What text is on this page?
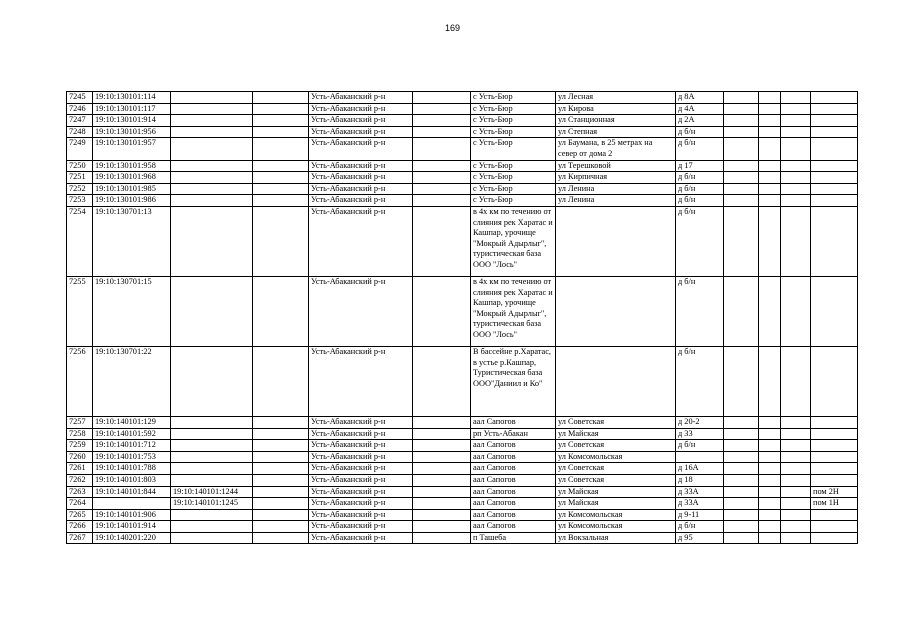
169
7245	19:10:130101:114			Усть-Абаканский р-н		с Усть-Бюр	ул Лесная	д 8А				
7246	19:10:130101:117			Усть-Абаканский р-н		с Усть-Бюр	ул Кирова	д 4А				
7247	19:10:130101:914			Усть-Абаканский р-н		с Усть-Бюр	ул Станционная	д 2А				
7248	19:10:130101:956			Усть-Абаканский р-н		с Усть-Бюр	ул Степная	д б/н				
7249	19:10:130101:957			Усть-Абаканский р-н		с Усть-Бюр	ул Баумана, в 25 метрах на север от дома 2	д б/н				
7250	19:10:130101:958			Усть-Абаканский р-н		с Усть-Бюр	ул Терешковой	д 17				
7251	19:10:130101:968			Усть-Абаканский р-н		с Усть-Бюр	ул Кирпичная	д б/н				
7252	19:10:130101:985			Усть-Абаканский р-н		с Усть-Бюр	ул Ленина	д б/н				
7253	19:10:130101:986			Усть-Абаканский р-н		с Усть-Бюр	ул Ленина	д б/н				
7254	19:10:130701:13			Усть-Абаканский р-н		в 4х км по течению от слияния рек Харатас и Кашпар, урочище "Мокрый Адырлыг", туристическая база ООО "Лось"		д б/н				
7255	19:10:130701:15			Усть-Абаканский р-н		в 4х км по течению от слияния рек Харатас и Кашпар, урочище "Мокрый Адырлыг", туристическая база ООО "Лось"		д б/н				
7256	19:10:130701:22			Усть-Абаканский р-н		В бассейне р.Харатас, в устье р.Кашпар, Туристическая база ООО"Даниил и Ко"		д б/н				
7257	19:10:140101:129			Усть-Абаканский р-н		аал Сапогов	ул Советская	д 20-2				
7258	19:10:140101:592			Усть-Абаканский р-н		рп Усть-Абакан	ул Майская	д 33				
7259	19:10:140101:712			Усть-Абаканский р-н		аал Сапогов	ул Советская	д б/н				
7260	19:10:140101:753			Усть-Абаканский р-н		аал Сапогов	ул Комсомольская					
7261	19:10:140101:788			Усть-Абаканский р-н		аал Сапогов	ул Советская	д 16А				
7262	19:10:140101:803			Усть-Абаканский р-н		аал Сапогов	ул Советская	д 18				
7263	19:10:140101:844	19:10:140101:1244		Усть-Абаканский р-н		аал Сапогов	ул Майская	д 33А				пом 2Н
7264		19:10:140101:1245		Усть-Абаканский р-н		аал Сапогов	ул Майская	д 33А				пом 1Н
7265	19:10:140101:906			Усть-Абаканский р-н		аал Сапогов	ул Комсомольская	д 9-11				
7266	19:10:140101:914			Усть-Абаканский р-н		аал Сапогов	ул Комсомольская	д б/н				
7267	19:10:140201:220			Усть-Абаканский р-н		п Ташеба	ул Вокзальная	д 95				
